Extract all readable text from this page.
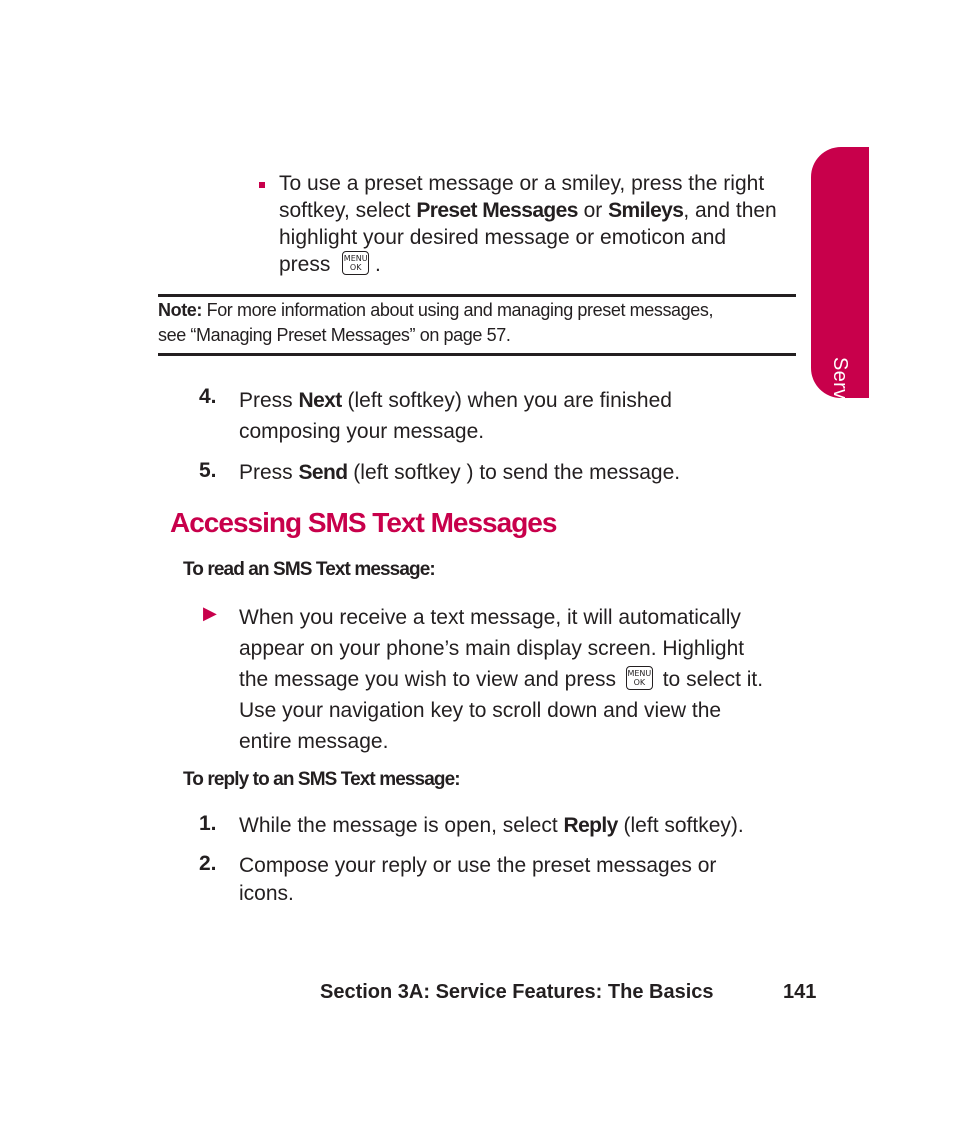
Service Features
To use a preset message or a smiley, press the right
softkey, select Preset Messages or Smileys, and then
highlight your desired message or emoticon and
press MENU
OK .
Note: For more information about using and managing preset messages,
see “Managing Preset Messages” on page 57.
4. Press Next (left softkey) when you are finished
composing your message.
5. Press Send (left softkey ) to send the message.
Accessing SMS Text Messages
To read an SMS Text message:
▶ When you receive a text message, it will automatically
appear on your phone’s main display screen. Highlight
the message you wish to view and press MENU
OK to select it.
Use your navigation key to scroll down and view the
entire message.
To reply to an SMS Text message:
1. While the message is open, select Reply (left softkey).
2. Compose your reply or use the preset messages or
icons.
Section 3A: Service Features: The Basics	141
